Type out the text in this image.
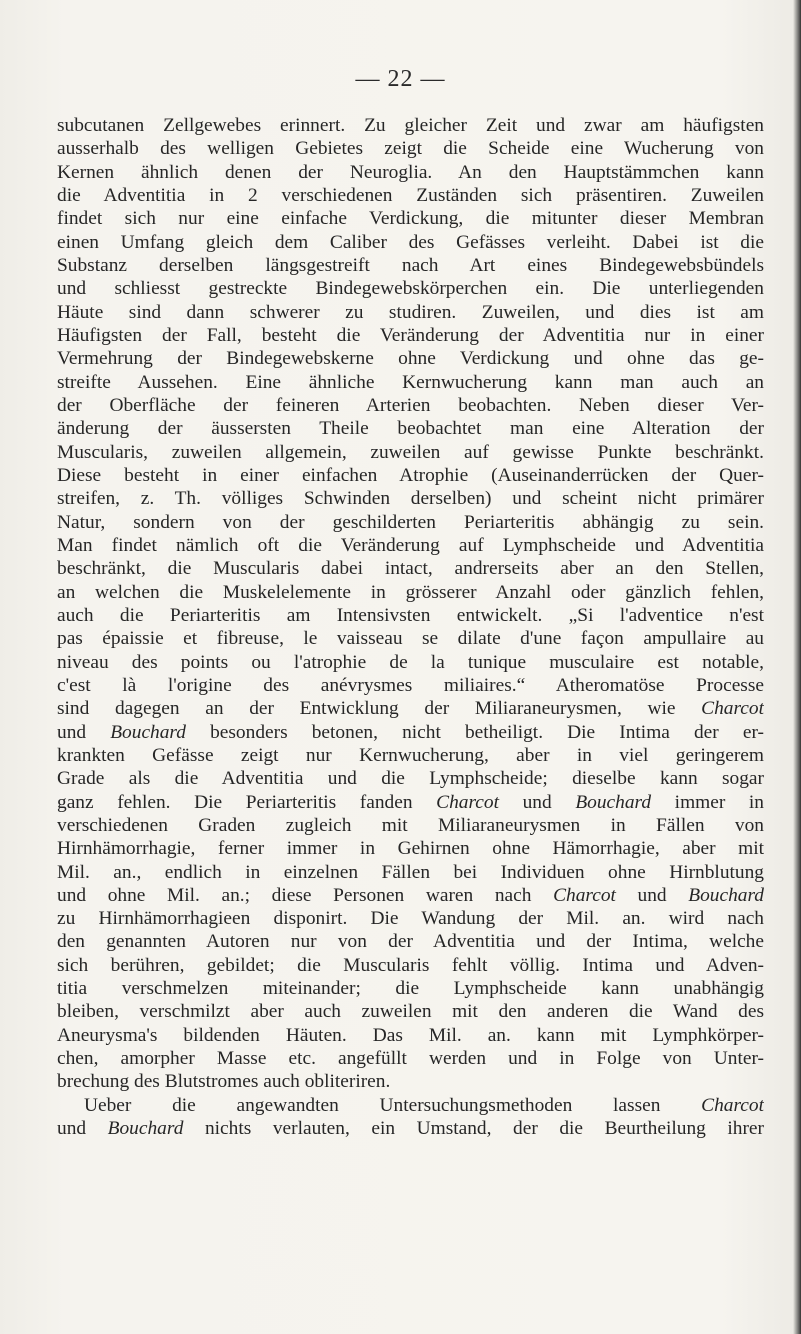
— 22 —
subcutanen Zellgewebes erinnert. Zu gleicher Zeit und zwar am häufigsten
ausserhalb des welligen Gebietes zeigt die Scheide eine Wucherung von
Kernen ähnlich denen der Neuroglia. An den Hauptstämmchen kann
die Adventitia in 2 verschiedenen Zuständen sich präsentiren. Zuweilen
findet sich nur eine einfache Verdickung, die mitunter dieser Membran
einen Umfang gleich dem Caliber des Gefässes verleiht. Dabei ist die
Substanz derselben längsgestreift nach Art eines Bindegewebsbündels
und schliesst gestreckte Bindegewebskörperchen ein. Die unterliegenden
Häute sind dann schwerer zu studiren. Zuweilen, und dies ist am
Häufigsten der Fall, besteht die Veränderung der Adventitia nur in einer
Vermehrung der Bindegewebskerne ohne Verdickung und ohne das ge-
streifte Aussehen. Eine ähnliche Kernwucherung kann man auch an
der Oberfläche der feineren Arterien beobachten. Neben dieser Ver-
änderung der äussersten Theile beobachtet man eine Alteration der
Muscularis, zuweilen allgemein, zuweilen auf gewisse Punkte beschränkt.
Diese besteht in einer einfachen Atrophie (Auseinanderrücken der Quer-
streifen, z. Th. völliges Schwinden derselben) und scheint nicht primärer
Natur, sondern von der geschilderten Periarteritis abhängig zu sein.
Man findet nämlich oft die Veränderung auf Lymphscheide und Adventitia
beschränkt, die Muscularis dabei intact, andrerseits aber an den Stellen,
an welchen die Muskelelemente in grösserer Anzahl oder gänzlich fehlen,
auch die Periarteritis am Intensivsten entwickelt. „Si l'adventice n'est
pas épaissie et fibreuse, le vaisseau se dilate d'une façon ampullaire au
niveau des points ou l'atrophie de la tunique musculaire est notable,
c'est là l'origine des anévrysmes miliaires.“ Atheromatöse Processe
sind dagegen an der Entwicklung der Miliaraneurysmen, wie Charcot
und Bouchard besonders betonen, nicht betheiligt. Die Intima der er-
krankten Gefässe zeigt nur Kernwucherung, aber in viel geringerem
Grade als die Adventitia und die Lymphscheide; dieselbe kann sogar
ganz fehlen. Die Periarteritis fanden Charcot und Bouchard immer in
verschiedenen Graden zugleich mit Miliaraneurysmen in Fällen von
Hirnhämorrhagie, ferner immer in Gehirnen ohne Hämorrhagie, aber mit
Mil. an., endlich in einzelnen Fällen bei Individuen ohne Hirnblutung
und ohne Mil. an.; diese Personen waren nach Charcot und Bouchard
zu Hirnhämorrhagieen disponirt. Die Wandung der Mil. an. wird nach
den genannten Autoren nur von der Adventitia und der Intima, welche
sich berühren, gebildet; die Muscularis fehlt völlig. Intima und Adven-
titia verschmelzen miteinander; die Lymphscheide kann unabhängig
bleiben, verschmilzt aber auch zuweilen mit den anderen die Wand des
Aneurysma's bildenden Häuten. Das Mil. an. kann mit Lymphkörper-
chen, amorpher Masse etc. angefüllt werden und in Folge von Unter-
brechung des Blutstromes auch obliteriren.
Ueber die angewandten Untersuchungsmethoden lassen Charcot
und Bouchard nichts verlauten, ein Umstand, der die Beurtheilung ihrer
